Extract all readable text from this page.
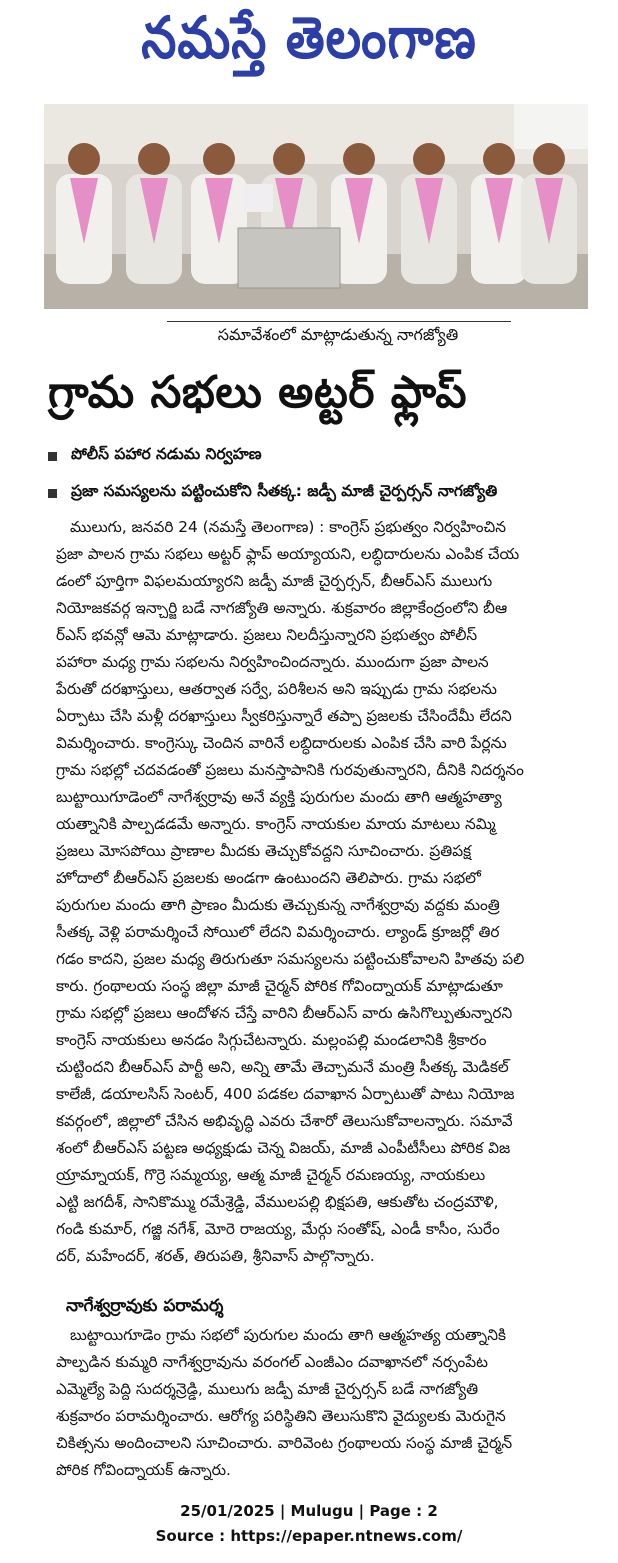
నమస్తే తెలంగాణ
సమావేశంలో మాట్లాడుతున్న నాగజ్యోతి
గ్రామ సభలు అట్టర్ ఫ్లాప్
పోలీస్ పహార నడుమ నిర్వహణ
ప్రజా సమస్యలను పట్టించుకోని సీతక్క: జడ్పీ మాజీ చైర్పర్సన్ నాగజ్యోతి
ములుగు, జనవరి 24 (నమస్తే తెలంగాణ) : కాంగ్రెస్ ప్రభుత్వం నిర్వహించిన
ప్రజా పాలన గ్రామ సభలు అట్టర్ ఫ్లాప్ అయ్యాయని, లబ్ధిదారులను ఎంపిక చేయ
డంలో పూర్తిగా విఫలమయ్యారని జడ్పీ మాజీ చైర్పర్సన్, బీఆర్ఎస్ ములుగు
నియోజకవర్గ ఇన్చార్జి బడే నాగజ్యోతి అన్నారు. శుక్రవారం జిల్లాకేంద్రంలోని బీఆ
ర్ఎస్ భవన్లో ఆమె మాట్లాడారు. ప్రజలు నిలదీస్తున్నారని ప్రభుత్వం పోలీస్
పహారా మధ్య గ్రామ సభలను నిర్వహించిందన్నారు. ముందుగా ప్రజా పాలన
పేరుతో దరఖాస్తులు, ఆతర్వాత సర్వే, పరిశీలన అని ఇప్పుడు గ్రామ సభలను
ఏర్పాటు చేసి మళ్లీ దరఖాస్తులు స్వీకరిస్తున్నారే తప్పా ప్రజలకు చేసిందేమీ లేదని
విమర్శించారు. కాంగ్రెస్కు చెందిన వారినే లబ్ధిదారులకు ఎంపిక చేసి వారి పేర్లను
గ్రామ సభల్లో చదవడంతో ప్రజలు మనస్తాపానికి గురవుతున్నారని, దీనికి నిదర్శనం
బుట్టాయిగూడెంలో నాగేశ్వర్రావు అనే వ్యక్తి పురుగుల మందు తాగి ఆత్మహత్యా
యత్నానికి పాల్పడడమే అన్నారు. కాంగ్రెస్ నాయకుల మాయ మాటలు నమ్మి
ప్రజలు మోసపోయి ప్రాణాల మీదకు తెచ్చుకోవద్దని సూచించారు. ప్రతిపక్ష
హోదాలో బీఆర్ఎస్ ప్రజలకు అండగా ఉంటుందని తెలిపారు. గ్రామ సభలో
పురుగుల మందు తాగి ప్రాణం మీదుకు తెచ్చుకున్న నాగేశ్వర్రావు వద్దకు మంత్రి
సీతక్క వెళ్లి పరామర్శించే సోయిలో లేదని విమర్శించారు. ల్యాండ్ క్రూజర్లో తిర
గడం కాదని, ప్రజల మధ్య తిరుగుతూ సమస్యలను పట్టించుకోవాలని హితవు పలి
కారు. గ్రంథాలయ సంస్థ జిల్లా మాజీ చైర్మన్ పోరిక గోవింద్నాయక్ మాట్లాడుతూ
గ్రామ సభల్లో ప్రజలు ఆందోళన చేస్తే వారిని బీఆర్ఎస్ వారు ఉసిగొల్పుతున్నారని
కాంగ్రెస్ నాయకులు అనడం సిగ్గుచేటన్నారు. మల్లంపల్లి మండలానికి శ్రీకారం
చుట్టిందని బీఆర్ఎస్ పార్టీ అని, అన్ని తామే తెచ్చామనే మంత్రి సీతక్క మెడికల్
కాలేజీ, డయాలసిస్ సెంటర్, 400 పడకల దవాఖాన ఏర్పాటుతో పాటు నియోజ
కవర్గంలో, జిల్లాలో చేసిన అభివృద్ధి ఎవరు చేశారో తెలుసుకోవాలన్నారు. సమావే
శంలో బీఆర్ఎస్ పట్టణ అధ్యక్షుడు చెన్న విజయ్, మాజీ ఎంపీటీసీలు పోరిక విజ
య్రామ్నాయక్, గొర్రె సమ్మయ్య, ఆత్మ మాజీ చైర్మన్ రమణయ్య, నాయకులు
ఎట్టి జగదీశ్, సానికొమ్ము రమేశ్రెడ్డి, వేములపల్లి భిక్షపతి, ఆకుతోట చంద్రమౌళి,
గండి కుమార్, గజ్జి నగేశ్, మోరె రాజయ్య, మేర్గు సంతోష్, ఎండీ కాసీం, సురేం
దర్, మహేందర్, శరత్, తిరుపతి, శ్రీనివాస్ పాల్గొన్నారు.
నాగేశ్వర్రావుకు పరామర్శ
బుట్టాయిగూడెం గ్రామ సభలో పురుగుల మందు తాగి ఆత్మహత్య యత్నానికి
పాల్పడిన కుమ్మరి నాగేశ్వర్రావును వరంగల్ ఎంజీఎం దవాఖానలో నర్సంపేట
ఎమ్మెల్యే పెద్ది సుదర్శన్రెడ్డి, ములుగు జడ్పీ మాజీ చైర్పర్సన్ బడే నాగజ్యోతి
శుక్రవారం పరామర్శించారు. ఆరోగ్య పరిస్థితిని తెలుసుకొని వైద్యులకు మెరుగైన
చికిత్సను అందించాలని సూచించారు. వారివెంట గ్రంథాలయ సంస్థ మాజీ చైర్మన్
పోరిక గోవింద్నాయక్ ఉన్నారు.
25/01/2025 | Mulugu | Page : 2
Source : https://epaper.ntnews.com/
